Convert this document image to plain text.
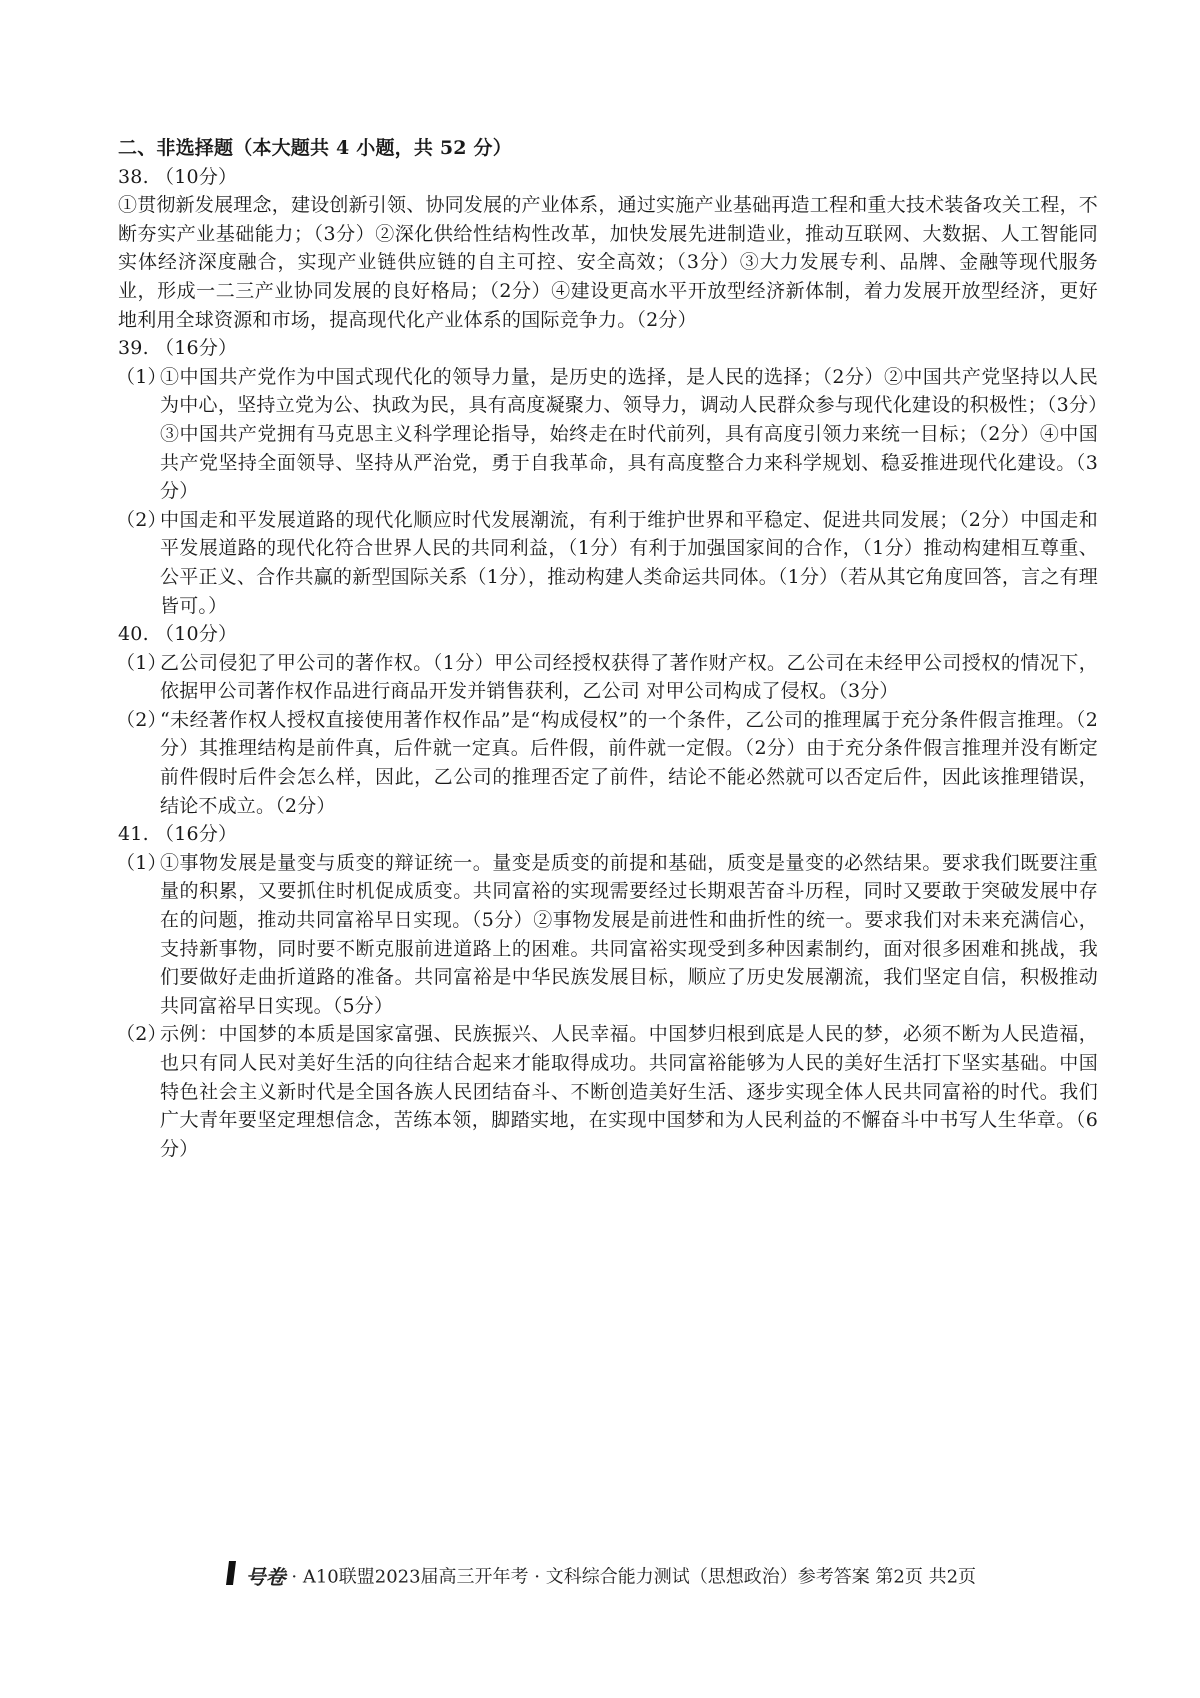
二、非选择题（本大题共 4 小题，共 52 分）
38. （10分）
①贯彻新发展理念，建设创新引领、协同发展的产业体系，通过实施产业基础再造工程和重大技术装备攻关工程，不断夯实产业基础能力；（3分）②深化供给性结构性改革，加快发展先进制造业，推动互联网、大数据、人工智能同实体经济深度融合，实现产业链供应链的自主可控、安全高效；（3分）③大力发展专利、品牌、金融等现代服务业，形成一二三产业协同发展的良好格局；（2分）④建设更高水平开放型经济新体制，着力发展开放型经济，更好地利用全球资源和市场，提高现代化产业体系的国际竞争力。（2分）
39. （16分）
（1）
①中国共产党作为中国式现代化的领导力量，是历史的选择，是人民的选择；（2分）②中国共产党坚持以人民为中心，坚持立党为公、执政为民，具有高度凝聚力、领导力，调动人民群众参与现代化建设的积极性；（3分）③中国共产党拥有马克思主义科学理论指导，始终走在时代前列，具有高度引领力来统一目标；（2分）④中国共产党坚持全面领导、坚持从严治党，勇于自我革命，具有高度整合力来科学规划、稳妥推进现代化建设。（3分）
（2）
中国走和平发展道路的现代化顺应时代发展潮流，有利于维护世界和平稳定、促进共同发展；（2分）中国走和平发展道路的现代化符合世界人民的共同利益，（1分）有利于加强国家间的合作，（1分）推动构建相互尊重、公平正义、合作共赢的新型国际关系（1分），推动构建人类命运共同体。（1分）（若从其它角度回答，言之有理皆可。）
40. （10分）
（1）
乙公司侵犯了甲公司的著作权。（1分）甲公司经授权获得了著作财产权。乙公司在未经甲公司授权的情况下，依据甲公司著作权作品进行商品开发并销售获利，乙公司 对甲公司构成了侵权。（3分）
（2）
“未经著作权人授权直接使用著作权作品”是“构成侵权”的一个条件，乙公司的推理属于充分条件假言推理。（2分）其推理结构是前件真，后件就一定真。后件假，前件就一定假。（2分）由于充分条件假言推理并没有断定前件假时后件会怎么样，因此，乙公司的推理否定了前件，结论不能必然就可以否定后件，因此该推理错误，结论不成立。（2分）
41. （16分）
（1）
①事物发展是量变与质变的辩证统一。量变是质变的前提和基础，质变是量变的必然结果。要求我们既要注重量的积累，又要抓住时机促成质变。共同富裕的实现需要经过长期艰苦奋斗历程，同时又要敢于突破发展中存在的问题，推动共同富裕早日实现。（5分）②事物发展是前进性和曲折性的统一。要求我们对未来充满信心，支持新事物，同时要不断克服前进道路上的困难。共同富裕实现受到多种因素制约，面对很多困难和挑战，我们要做好走曲折道路的准备。共同富裕是中华民族发展目标，顺应了历史发展潮流，我们坚定自信，积极推动共同富裕早日实现。（5分）
（2）
示例：中国梦的本质是国家富强、民族振兴、人民幸福。中国梦归根到底是人民的梦，必须不断为人民造福，也只有同人民对美好生活的向往结合起来才能取得成功。共同富裕能够为人民的美好生活打下坚实基础。中国特色社会主义新时代是全国各族人民团结奋斗、不断创造美好生活、逐步实现全体人民共同富裕的时代。我们广大青年要坚定理想信念，苦练本领，脚踏实地，在实现中国梦和为人民利益的不懈奋斗中书写人生华章。（6分）
号卷 · A10联盟2023届高三开年考 · 文科综合能力测试（思想政治）参考答案 第2页 共2页
